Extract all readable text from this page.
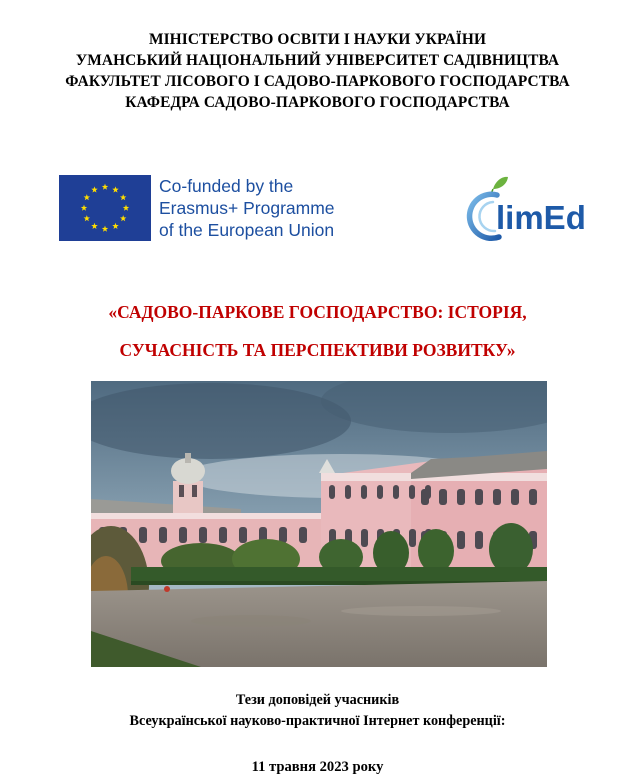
МІНІСТЕРСТВО ОСВІТИ І НАУКИ УКРАЇНИ
УМАНСЬКИЙ НАЦІОНАЛЬНИЙ УНІВЕРСИТЕТ САДІВНИЦТВА
ФАКУЛЬТЕТ ЛІСОВОГО І САДОВО-ПАРКОВОГО ГОСПОДАРСТВА
КАФЕДРА САДОВО-ПАРКОВОГО ГОСПОДАРСТВА
Co-funded by the
Erasmus+ Programme
of the European Union	limEd
«САДОВО-ПАРКОВЕ ГОСПОДАРСТВО: ІСТОРІЯ,
СУЧАСНІСТЬ ТА ПЕРСПЕКТИВИ РОЗВИТКУ»
Тези доповідей учасників
Всеукраїнської науково-практичної Інтернет конференції:
11 травня 2023 року
